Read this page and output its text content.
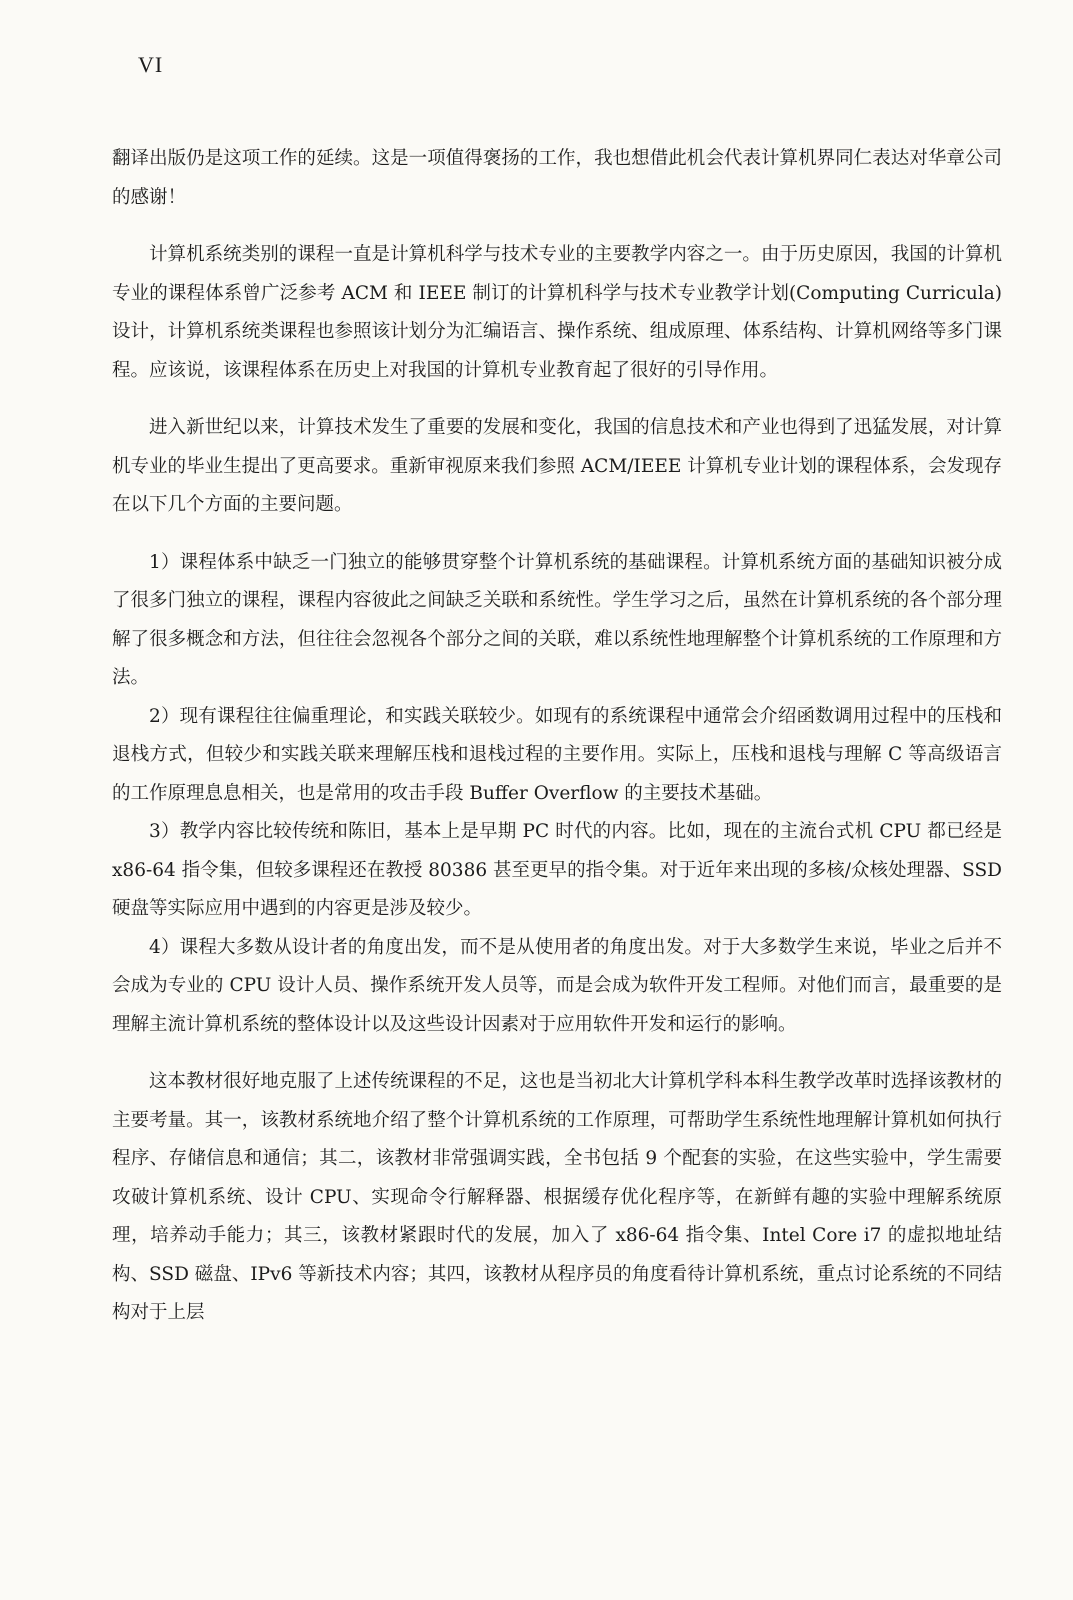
VI

翻译出版仍是这项工作的延续。这是一项值得褒扬的工作，我也想借此机会代表计算机界同仁表达对华章公司的感谢！

计算机系统类别的课程一直是计算机科学与技术专业的主要教学内容之一。由于历史原因，我国的计算机专业的课程体系曾广泛参考 ACM 和 IEEE 制订的计算机科学与技术专业教学计划(Computing Curricula)设计，计算机系统类课程也参照该计划分为汇编语言、操作系统、组成原理、体系结构、计算机网络等多门课程。应该说，该课程体系在历史上对我国的计算机专业教育起了很好的引导作用。

进入新世纪以来，计算技术发生了重要的发展和变化，我国的信息技术和产业也得到了迅猛发展，对计算机专业的毕业生提出了更高要求。重新审视原来我们参照 ACM/IEEE 计算机专业计划的课程体系，会发现存在以下几个方面的主要问题。

1）课程体系中缺乏一门独立的能够贯穿整个计算机系统的基础课程。计算机系统方面的基础知识被分成了很多门独立的课程，课程内容彼此之间缺乏关联和系统性。学生学习之后，虽然在计算机系统的各个部分理解了很多概念和方法，但往往会忽视各个部分之间的关联，难以系统性地理解整个计算机系统的工作原理和方法。

2）现有课程往往偏重理论，和实践关联较少。如现有的系统课程中通常会介绍函数调用过程中的压栈和退栈方式，但较少和实践关联来理解压栈和退栈过程的主要作用。实际上，压栈和退栈与理解 C 等高级语言的工作原理息息相关，也是常用的攻击手段 Buffer Overflow 的主要技术基础。

3）教学内容比较传统和陈旧，基本上是早期 PC 时代的内容。比如，现在的主流台式机 CPU 都已经是 x86-64 指令集，但较多课程还在教授 80386 甚至更早的指令集。对于近年来出现的多核/众核处理器、SSD 硬盘等实际应用中遇到的内容更是涉及较少。

4）课程大多数从设计者的角度出发，而不是从使用者的角度出发。对于大多数学生来说，毕业之后并不会成为专业的 CPU 设计人员、操作系统开发人员等，而是会成为软件开发工程师。对他们而言，最重要的是理解主流计算机系统的整体设计以及这些设计因素对于应用软件开发和运行的影响。

这本教材很好地克服了上述传统课程的不足，这也是当初北大计算机学科本科生教学改革时选择该教材的主要考量。其一，该教材系统地介绍了整个计算机系统的工作原理，可帮助学生系统性地理解计算机如何执行程序、存储信息和通信；其二，该教材非常强调实践，全书包括 9 个配套的实验，在这些实验中，学生需要攻破计算机系统、设计 CPU、实现命令行解释器、根据缓存优化程序等，在新鲜有趣的实验中理解系统原理，培养动手能力；其三，该教材紧跟时代的发展，加入了 x86-64 指令集、Intel Core i7 的虚拟地址结构、SSD 磁盘、IPv6 等新技术内容；其四，该教材从程序员的角度看待计算机系统，重点讨论系统的不同结构对于上层
